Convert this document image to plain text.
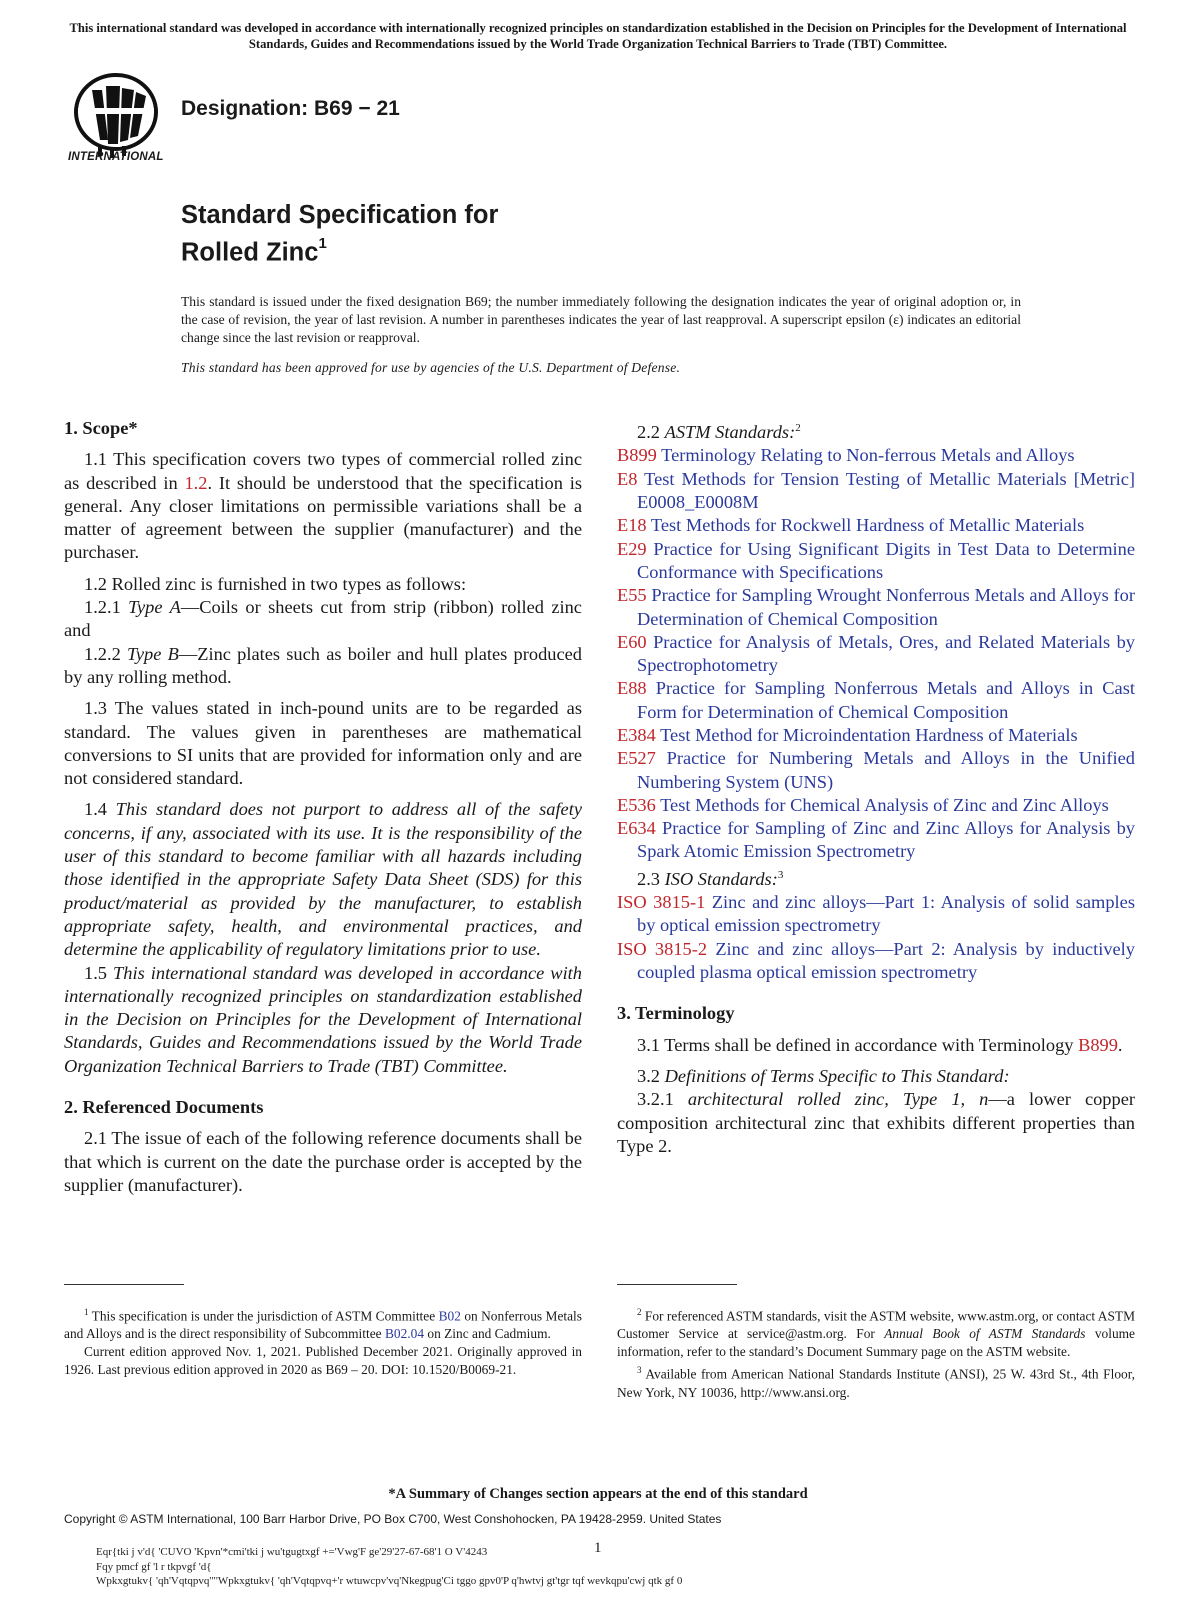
This international standard was developed in accordance with internationally recognized principles on standardization established in the Decision on Principles for the Development of International Standards, Guides and Recommendations issued by the World Trade Organization Technical Barriers to Trade (TBT) Committee.
INTERNATIONAL
Designation: B69 − 21
Standard Specification for
Rolled Zinc$^1$
This standard is issued under the fixed designation B69; the number immediately following the designation indicates the year of original adoption or, in the case of revision, the year of last revision. A number in parentheses indicates the year of last reapproval. A superscript epsilon (ε) indicates an editorial change since the last revision or reapproval.
This standard has been approved for use by agencies of the U.S. Department of Defense.
1. Scope*

1.1 This specification covers two types of commercial rolled zinc as described in 1.2. It should be understood that the specification is general. Any closer limitations on permissible variations shall be a matter of agreement between the supplier (manufacturer) and the purchaser.

1.2 Rolled zinc is furnished in two types as follows:

1.2.1 Type A—Coils or sheets cut from strip (ribbon) rolled zinc and

1.2.2 Type B—Zinc plates such as boiler and hull plates produced by any rolling method.

1.3 The values stated in inch-pound units are to be regarded as standard. The values given in parentheses are mathematical conversions to SI units that are provided for information only and are not considered standard.

1.4 This standard does not purport to address all of the safety concerns, if any, associated with its use. It is the responsibility of the user of this standard to become familiar with all hazards including those identified in the appropriate Safety Data Sheet (SDS) for this product/material as provided by the manufacturer, to establish appropriate safety, health, and environmental practices, and determine the applicability of regulatory limitations prior to use.

1.5 This international standard was developed in accordance with internationally recognized principles on standardization established in the Decision on Principles for the Development of International Standards, Guides and Recommendations issued by the World Trade Organization Technical Barriers to Trade (TBT) Committee.

2. Referenced Documents

2.1 The issue of each of the following reference documents shall be that which is current on the date the purchase order is accepted by the supplier (manufacturer).

2.2 ASTM Standards:$^2$

B899 Terminology Relating to Non-ferrous Metals and Alloys

E8 Test Methods for Tension Testing of Metallic Materials [Metric] E0008_E0008M

E18 Test Methods for Rockwell Hardness of Metallic Materials

E29 Practice for Using Significant Digits in Test Data to Determine Conformance with Specifications

E55 Practice for Sampling Wrought Nonferrous Metals and Alloys for Determination of Chemical Composition

E60 Practice for Analysis of Metals, Ores, and Related Materials by Spectrophotometry

E88 Practice for Sampling Nonferrous Metals and Alloys in Cast Form for Determination of Chemical Composition

E384 Test Method for Microindentation Hardness of Materials

E527 Practice for Numbering Metals and Alloys in the Unified Numbering System (UNS)

E536 Test Methods for Chemical Analysis of Zinc and Zinc Alloys

E634 Practice for Sampling of Zinc and Zinc Alloys for Analysis by Spark Atomic Emission Spectrometry

2.3 ISO Standards:$^3$

ISO 3815-1 Zinc and zinc alloys—Part 1: Analysis of solid samples by optical emission spectrometry

ISO 3815-2 Zinc and zinc alloys—Part 2: Analysis by inductively coupled plasma optical emission spectrometry

3. Terminology

3.1 Terms shall be defined in accordance with Terminology B899.

3.2 Definitions of Terms Specific to This Standard:

3.2.1 architectural rolled zinc, Type 1, n—a lower copper composition architectural zinc that exhibits different properties than Type 2.

$^1$ This specification is under the jurisdiction of ASTM Committee B02 on Nonferrous Metals and Alloys and is the direct responsibility of Subcommittee B02.04 on Zinc and Cadmium.

Current edition approved Nov. 1, 2021. Published December 2021. Originally approved in 1926. Last previous edition approved in 2020 as B69 – 20. DOI: 10.1520/B0069-21.

$^2$ For referenced ASTM standards, visit the ASTM website, www.astm.org, or contact ASTM Customer Service at service@astm.org. For Annual Book of ASTM Standards volume information, refer to the standard’s Document Summary page on the ASTM website.

$^3$ Available from American National Standards Institute (ANSI), 25 W. 43rd St., 4th Floor, New York, NY 10036, http://www.ansi.org.

*A Summary of Changes section appears at the end of this standard
Copyright © ASTM International, 100 Barr Harbor Drive, PO Box C700, West Conshohocken, PA 19428-2959. United States
1
Eqr{tki j v'd{ 'CUVO 'Kpvn'*cmi'tki j wu'tgugtxgf +='Vwg'F ge'29'27-67-68'1 O V'4243
Fqy pmcf gf 'l r tkpvgf 'd{
Wpkxgtukv{ 'qh'Vqtqpvq'"'Wpkxgtukv{ 'qh'Vqtqpvq+'r wtuwcpv'vq'Nkegpug'Ci tggo gpv0'P q'hwtvj gt'tgr tqf wevkqpu'cwj qtk gf 0
